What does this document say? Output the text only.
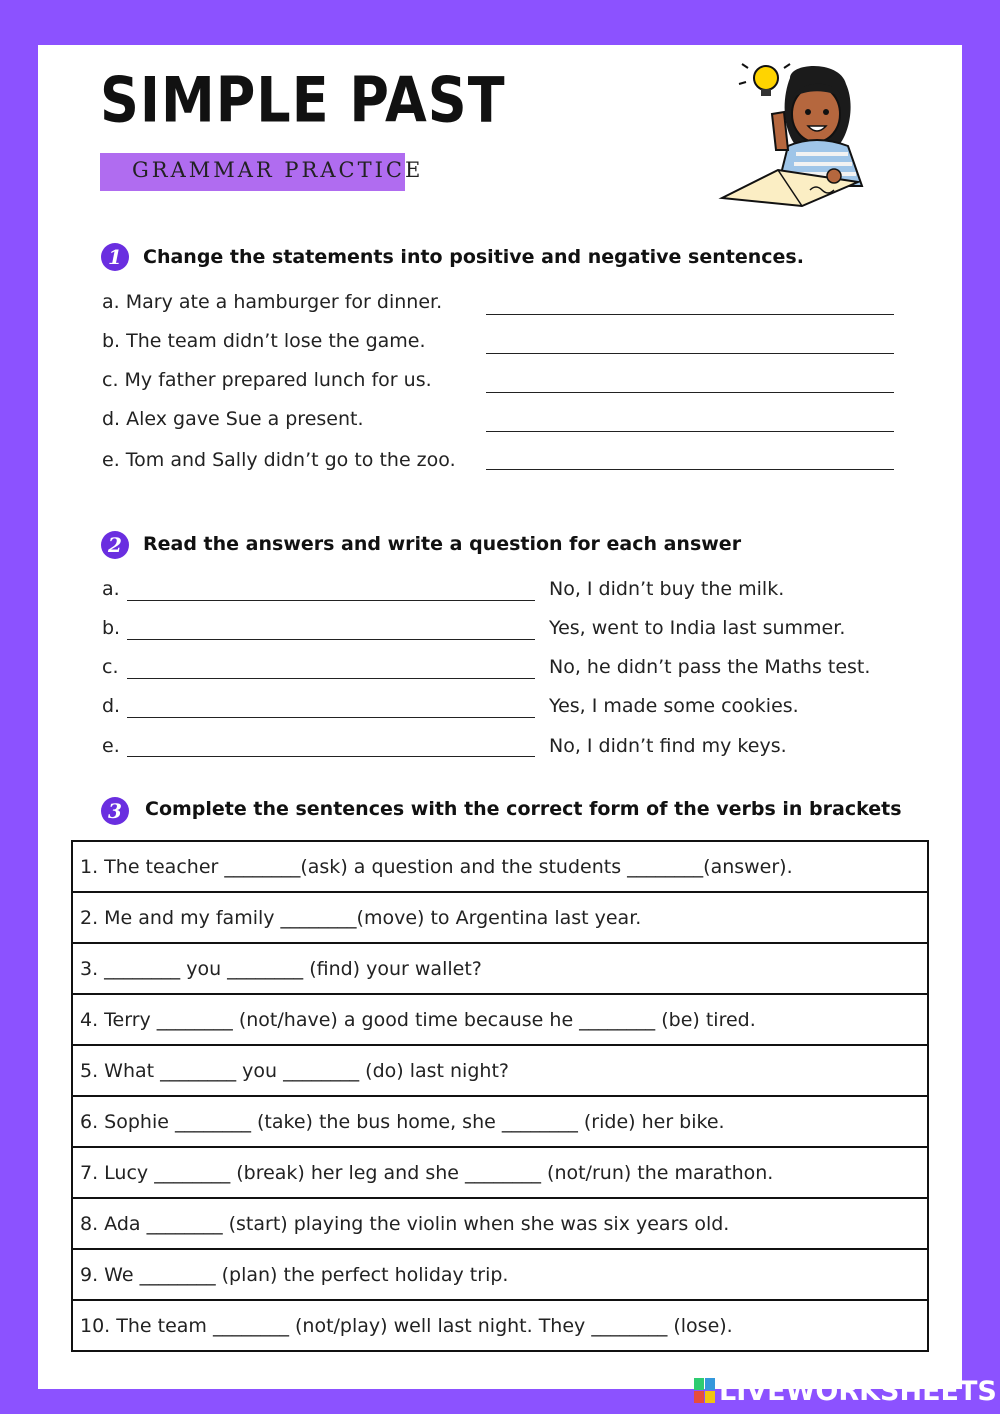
SIMPLE PAST
GRAMMAR PRACTICE
1	Change the statements into positive and negative sentences.
a. Mary ate a hamburger for dinner.
b. The team didn’t lose the game.
c. My father prepared lunch for us.
d. Alex gave Sue a present.
e. Tom and Sally didn’t go to the zoo.
2	Read the answers and write a question for each answer
a.	No, I didn’t buy the milk.
b.	Yes, went to India last summer.
c.	No, he didn’t pass the Maths test.
d.	Yes, I made some cookies.
e.	No, I didn’t find my keys.
3	Complete the sentences with the correct form of the verbs in brackets
1. The teacher ________(ask) a question and the students ________(answer).
2. Me and my family ________(move) to Argentina last year.
3. ________ you ________ (find) your wallet?
4. Terry ________ (not/have) a good time because he ________ (be) tired.
5. What ________ you ________ (do) last night?
6. Sophie ________ (take) the bus home, she ________ (ride) her bike.
7. Lucy ________ (break) her leg and she ________ (not/run) the marathon.
8. Ada ________ (start) playing the violin when she was six years old.
9. We ________ (plan) the perfect holiday trip.
10. The team ________ (not/play) well last night. They ________ (lose).
LIVEWORKSHEETS
